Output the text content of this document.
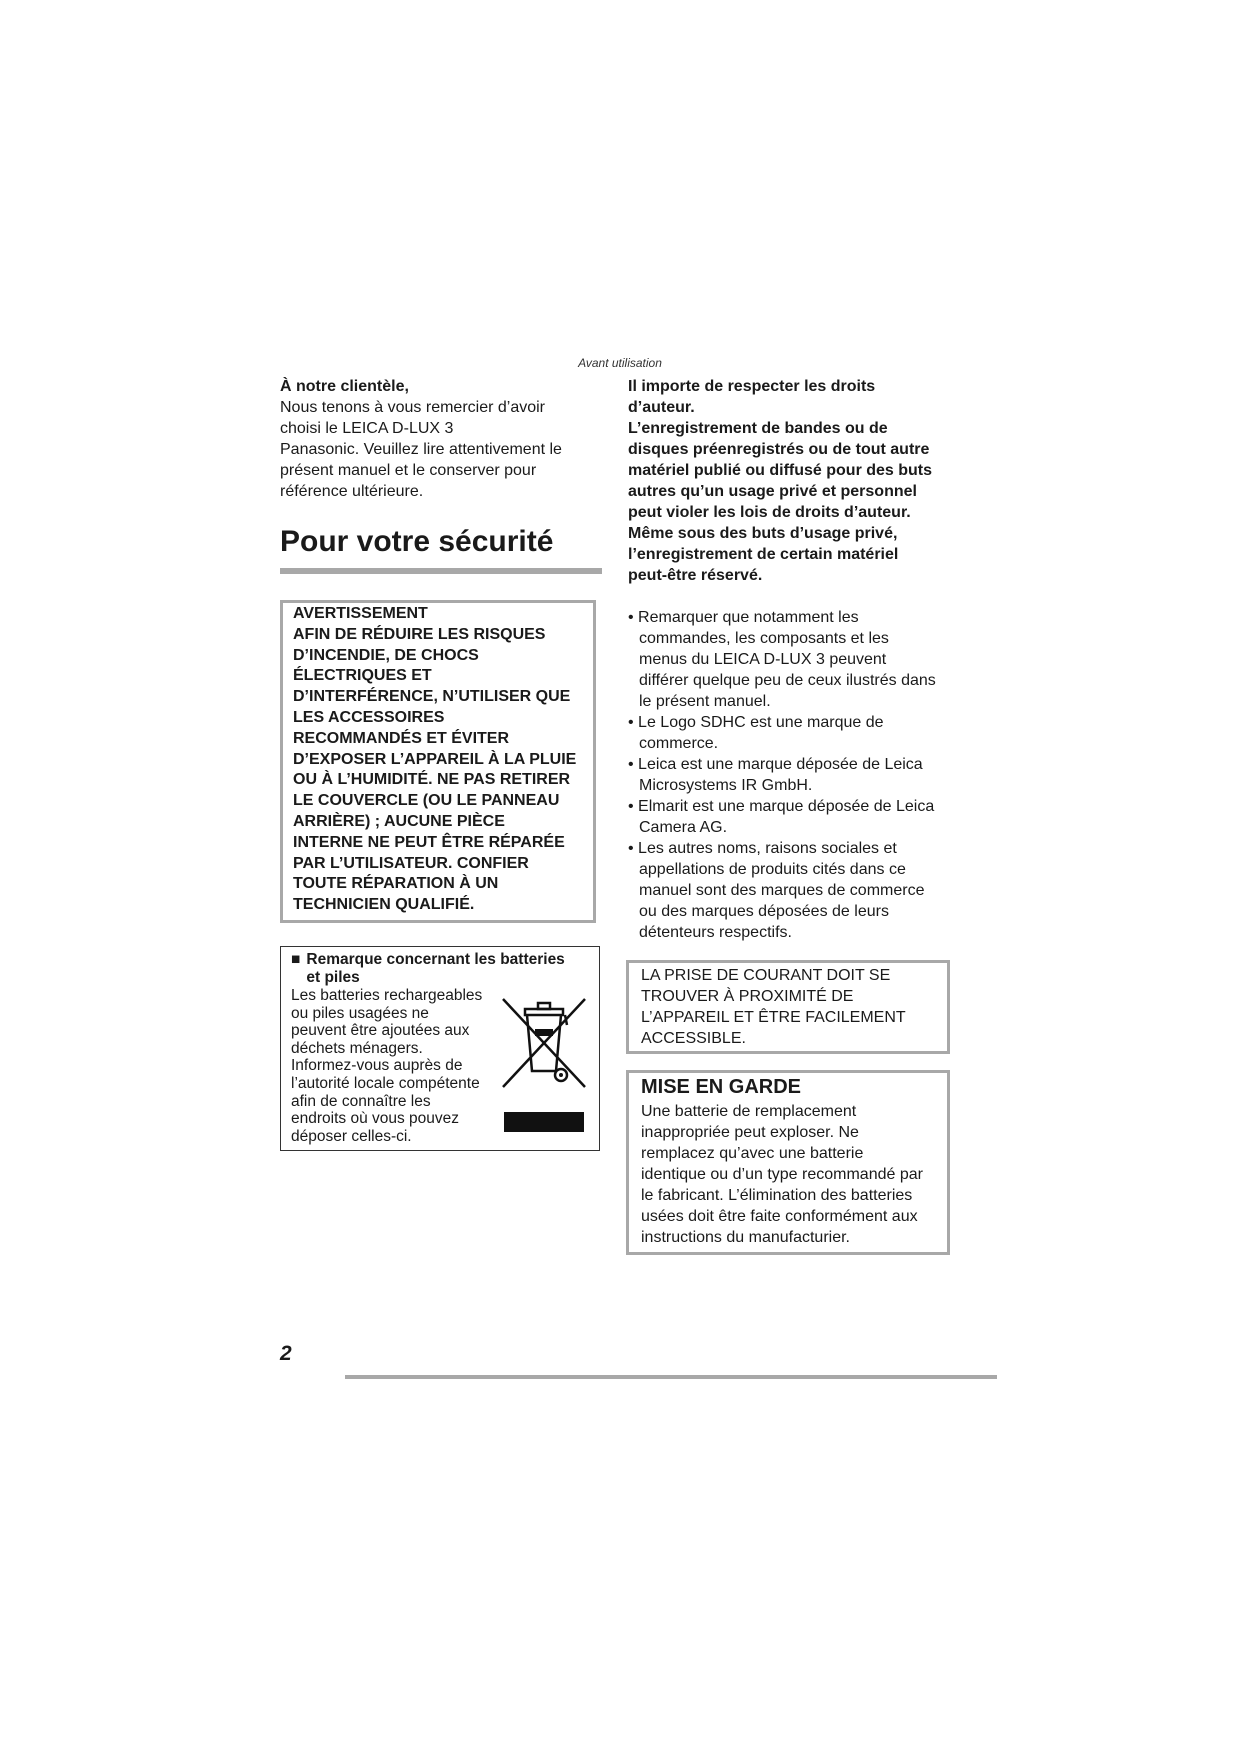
Avant utilisation

À notre clientèle,

Nous tenons à vous remercier d’avoir

choisi le LEICA D-LUX 3

Panasonic. Veuillez lire attentivement le

présent manuel et le conserver pour

référence ultérieure.

Pour votre sécurité

AVERTISSEMENT

AFIN DE RÉDUIRE LES RISQUES

D’INCENDIE, DE CHOCS

ÉLECTRIQUES ET

D’INTERFÉRENCE, N’UTILISER QUE

LES ACCESSOIRES

RECOMMANDÉS ET ÉVITER

D’EXPOSER L’APPAREIL À LA PLUIE

OU À L’HUMIDITÉ. NE PAS RETIRER

LE COUVERCLE (OU LE PANNEAU

ARRIÈRE) ; AUCUNE PIÈCE

INTERNE NE PEUT ÊTRE RÉPARÉE

PAR L’UTILISATEUR. CONFIER

TOUTE RÉPARATION À UN

TECHNICIEN QUALIFIÉ.

■ Remarque concernant les batteries
et piles
Les batteries rechargeables
ou piles usagées ne
peuvent être ajoutées aux
déchets ménagers.
Informez-vous auprès de
l’autorité locale compétente
afin de connaître les
endroits où vous pouvez
déposer celles-ci.

Il importe de respecter les droits

d’auteur.

L’enregistrement de bandes ou de

disques préenregistrés ou de tout autre

matériel publié ou diffusé pour des buts

autres qu’un usage privé et personnel

peut violer les lois de droits d’auteur.

Même sous des buts d’usage privé,

l’enregistrement de certain matériel

peut-être réservé.

• Remarquer que notamment les
commandes, les composants et les
menus du LEICA D-LUX 3 peuvent
différer quelque peu de ceux ilustrés dans
le présent manuel.
• Le Logo SDHC est une marque de
commerce.
• Leica est une marque déposée de Leica
Microsystems IR GmbH.
• Elmarit est une marque déposée de Leica
Camera AG.
• Les autres noms, raisons sociales et
appellations de produits cités dans ce
manuel sont des marques de commerce
ou des marques déposées de leurs
détenteurs respectifs.

LA PRISE DE COURANT DOIT SE

TROUVER À PROXIMITÉ DE

L’APPAREIL ET ÊTRE FACILEMENT

ACCESSIBLE.

MISE EN GARDE

Une batterie de remplacement

inappropriée peut exploser. Ne

remplacez qu’avec une batterie

identique ou d’un type recommandé par

le fabricant. L’élimination des batteries

usées doit être faite conformément aux

instructions du manufacturier.

2
